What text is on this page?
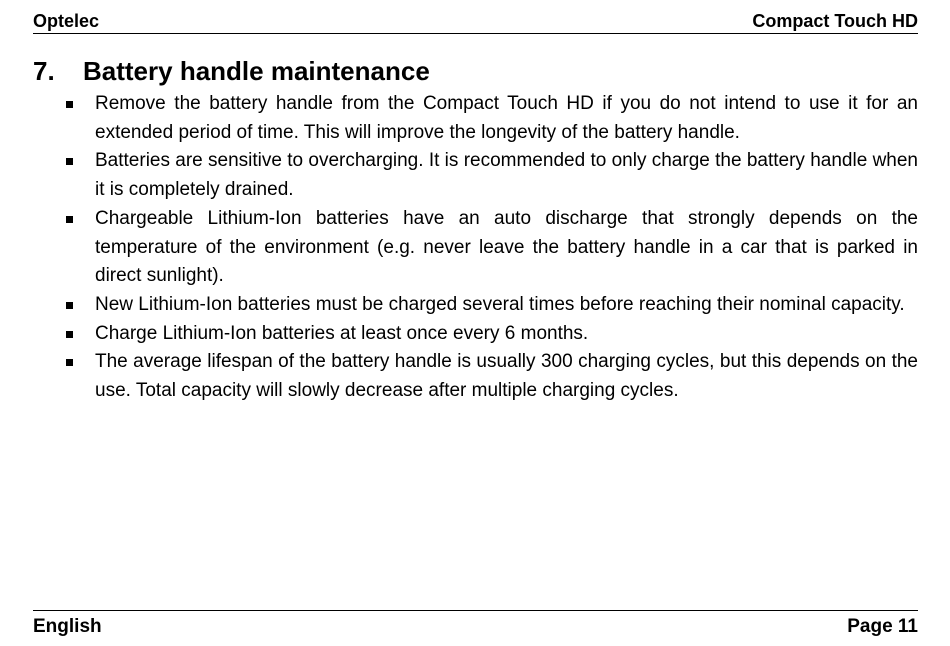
Optelec	Compact Touch HD
7. Battery handle maintenance
Remove the battery handle from the Compact Touch HD if you do not intend to use it for an extended period of time. This will improve the longevity of the battery handle.
Batteries are sensitive to overcharging. It is recommended to only charge the battery handle when it is completely drained.
Chargeable Lithium-Ion batteries have an auto discharge that strongly depends on the temperature of the environment (e.g. never leave the battery handle in a car that is parked in direct sunlight).
New Lithium-Ion batteries must be charged several times before reaching their nominal capacity.
Charge Lithium-Ion batteries at least once every 6 months.
The average lifespan of the battery handle is usually 300 charging cycles, but this depends on the use. Total capacity will slowly decrease after multiple charging cycles.
English	Page 11
